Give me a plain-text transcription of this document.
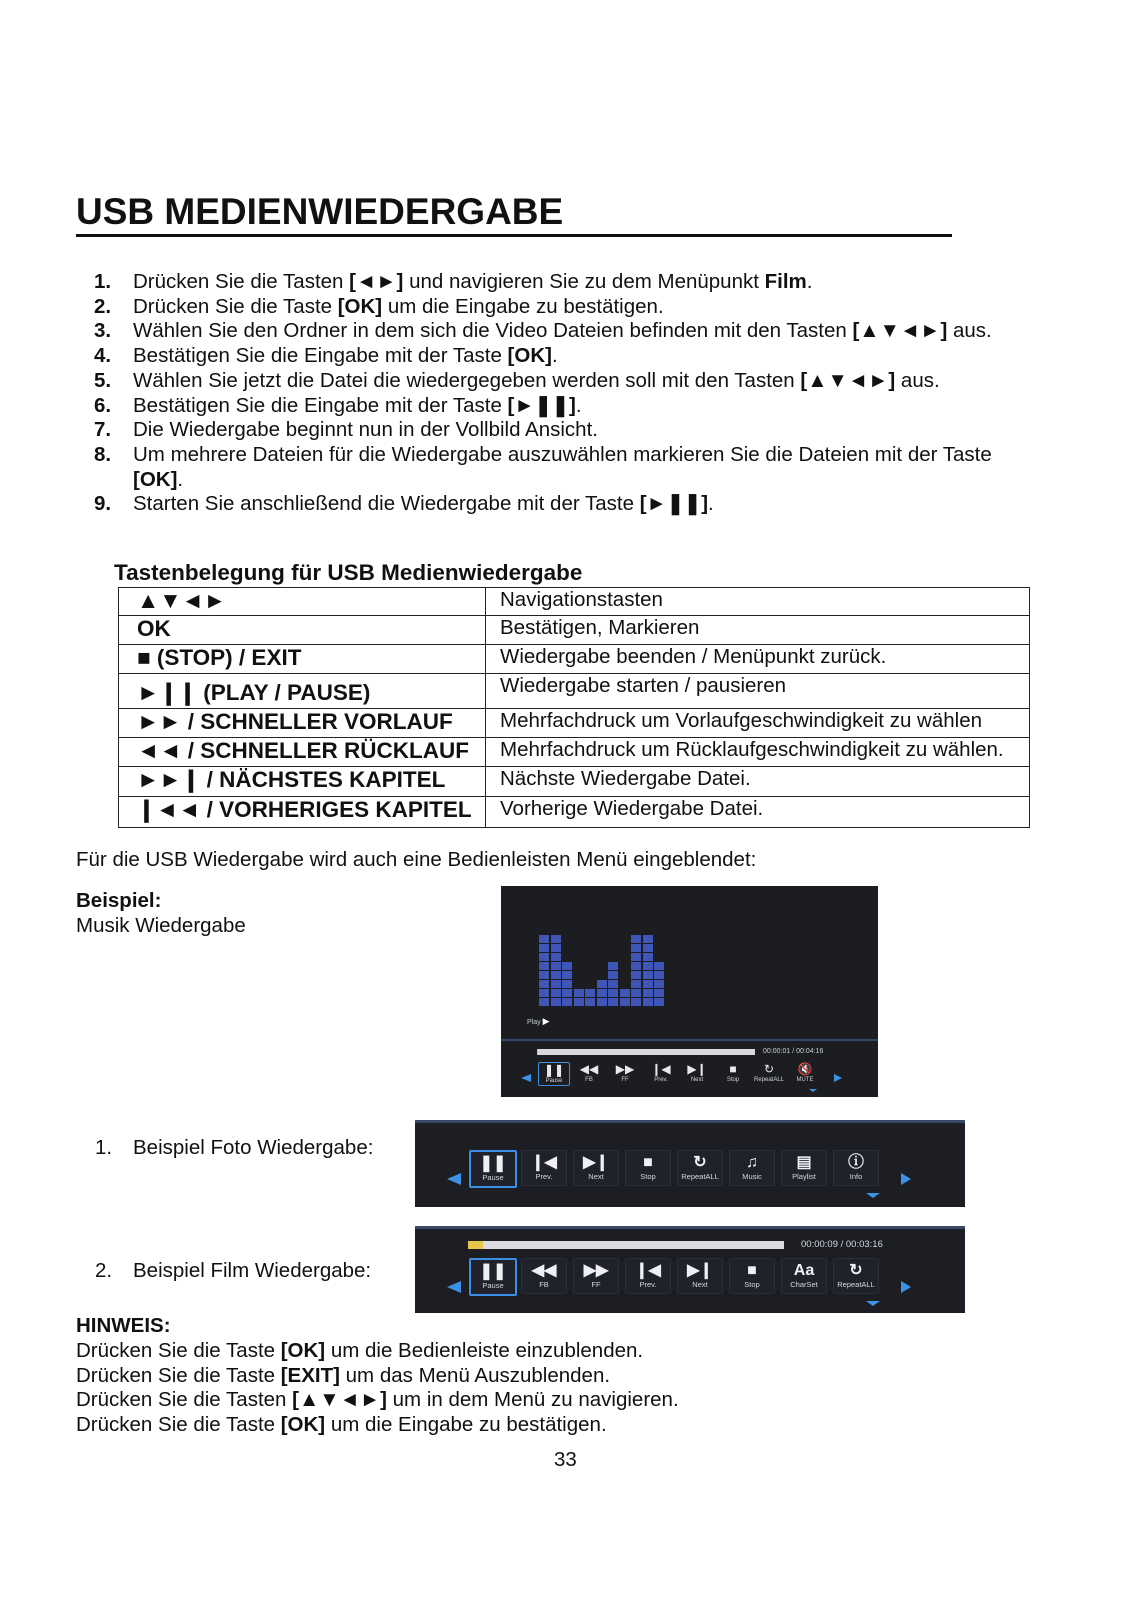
USB MEDIENWIEDERGABE
1. Drücken Sie die Tasten [◄►] und navigieren Sie zu dem Menüpunkt Film.
2. Drücken Sie die Taste [OK] um die Eingabe zu bestätigen.
3. Wählen Sie den Ordner in dem sich die Video Dateien befinden mit den Tasten [▲▼◄►] aus.
4. Bestätigen Sie die Eingabe mit der Taste [OK].
5. Wählen Sie jetzt die Datei die wiedergegeben werden soll mit den Tasten [▲▼◄►] aus.
6. Bestätigen Sie die Eingabe mit der Taste [►❚❚].
7. Die Wiedergabe beginnt nun in der Vollbild Ansicht.
8. Um mehrere Dateien für die Wiedergabe auszuwählen markieren Sie die Dateien mit der Taste [OK].
9. Starten Sie anschließend die Wiedergabe mit der Taste [►❚❚].
Tastenbelegung für USB Medienwiedergabe
▲▼◄►	Navigationstasten
OK	Bestätigen, Markieren
■ (STOP) / EXIT	Wiedergabe beenden / Menüpunkt zurück.
►❙❙ (PLAY / PAUSE)	Wiedergabe starten / pausieren
►► / SCHNELLER VORLAUF	Mehrfachdruck um Vorlaufgeschwindigkeit zu wählen
◄◄ / SCHNELLER RÜCKLAUF	Mehrfachdruck um Rücklaufgeschwindigkeit zu wählen.
►►❙ / NÄCHSTES KAPITEL	Nächste Wiedergabe Datei.
❙◄◄ / VORHERIGES KAPITEL	Vorherige Wiedergabe Datei.
Für die USB Wiedergabe wird auch eine Bedienleisten Menü eingeblendet:
Beispiel:
Musik Wiedergabe
Play ▶
00:00:01 / 00:04:16
❚❚
Pause
◀◀
FB
▶▶
FF
❙◀
Prev.
▶❙
Next
■
Stop
↻
RepeatALL
🔇
MUTE
1. Beispiel Foto Wiedergabe:
❚❚
Pause
❙◀
Prev.
▶❙
Next
■
Stop
↻
RepeatALL
♫
Music
▤
Playlist
ⓘ
Info
2. Beispiel Film Wiedergabe:
00:00:09 / 00:03:16
❚❚
Pause
◀◀
FB
▶▶
FF
❙◀
Prev.
▶❙
Next
■
Stop
Aa
CharSet
↻
RepeatALL
HINWEIS:
Drücken Sie die Taste [OK] um die Bedienleiste einzublenden.
Drücken Sie die Taste [EXIT] um das Menü Auszublenden.
Drücken Sie die Tasten [▲▼◄►] um in dem Menü zu navigieren.
Drücken Sie die Taste [OK] um die Eingabe zu bestätigen.
33
